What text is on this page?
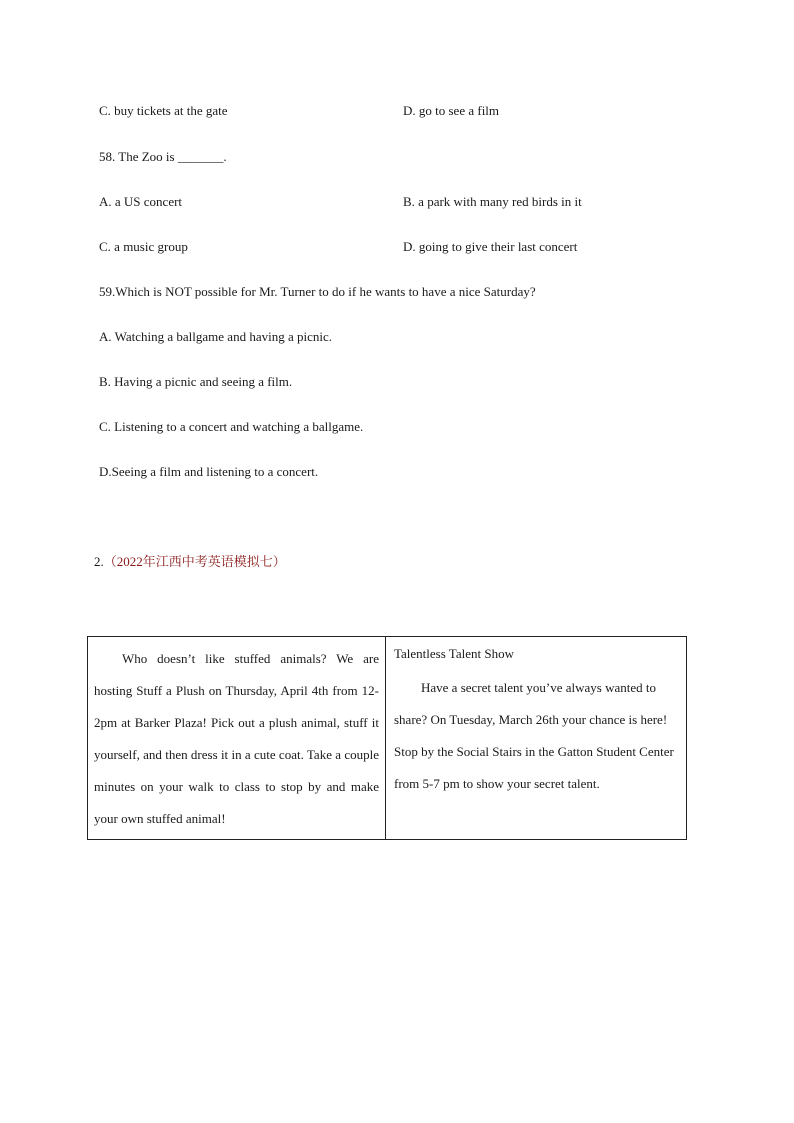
C. buy tickets at the gate	D. go to see a film
58. The Zoo is _______.
A. a US concert	B. a park with many red birds in it
C. a music group	D. going to give their last concert
59.Which is NOT possible for Mr. Turner to do if he wants to have a nice Saturday?
A. Watching a ballgame and having a picnic.
B. Having a picnic and seeing a film.
C. Listening to a concert and watching a ballgame.
D.Seeing a film and listening to a concert.
2.（2022年江西中考英语模拟七）
Who doesn’t like stuffed animals? We are hosting Stuff a Plush on Thursday, April 4th from 12-2pm at Barker Plaza! Pick out a plush animal, stuff it yourself, and then dress it in a cute coat. Take a couple minutes on your walk to class to stop by and make your own stuffed animal!
Talentless Talent Show
Have a secret talent you’ve always wanted to share? On Tuesday, March 26th your chance is here! Stop by the Social Stairs in the Gatton Student Center from 5-7 pm to show your secret talent.
